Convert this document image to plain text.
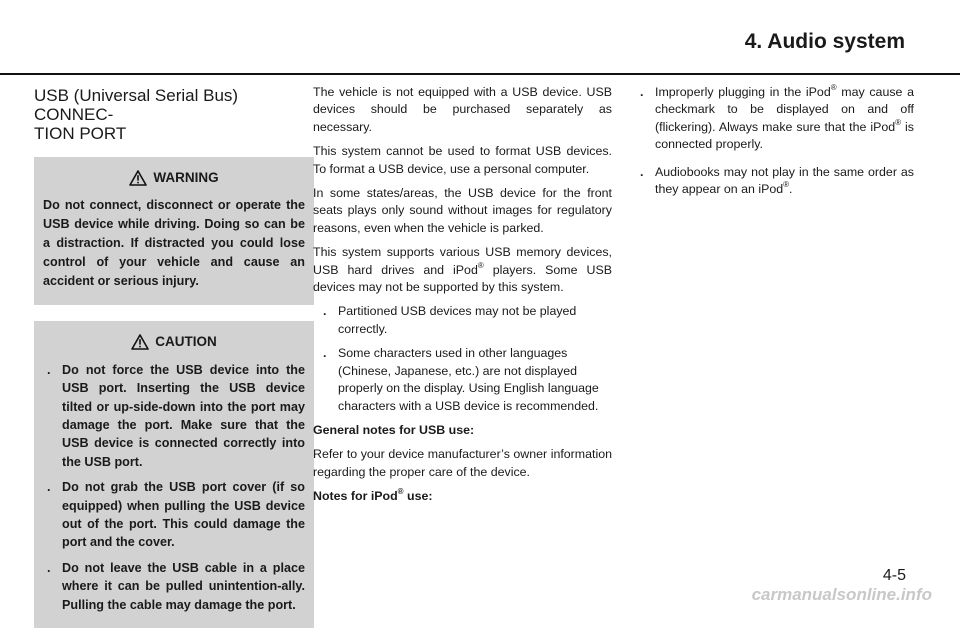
4. Audio system
USB (Universal Serial Bus) CONNEC-
TION PORT
WARNING

Do not connect, disconnect or operate the USB device while driving. Doing so can be a distraction. If distracted you could lose control of your vehicle and cause an accident or serious injury.

CAUTION
. Do not force the USB device into the USB port. Inserting the USB device tilted or up-side-down into the port may damage the port. Make sure that the USB device is connected correctly into the USB port.
. Do not grab the USB port cover (if so equipped) when pulling the USB device out of the port. This could damage the port and the cover.
. Do not leave the USB cable in a place where it can be pulled unintention-ally. Pulling the cable may damage the port.

The vehicle is not equipped with a USB device. USB devices should be purchased separately as necessary.

This system cannot be used to format USB devices. To format a USB device, use a personal computer.

In some states/areas, the USB device for the front seats plays only sound without images for regulatory reasons, even when the vehicle is parked.

This system supports various USB memory devices, USB hard drives and iPod® players. Some USB devices may not be supported by this system.

. Partitioned USB devices may not be played correctly.
. Some characters used in other languages (Chinese, Japanese, etc.) are not displayed properly on the display. Using English language characters with a USB device is recommended.

General notes for USB use:

Refer to your device manufacturer’s owner information regarding the proper care of the device.

Notes for iPod® use:

. Improperly plugging in the iPod® may cause a checkmark to be displayed on and off (flickering). Always make sure that the iPod® is connected properly.
. Audiobooks may not play in the same order as they appear on an iPod®.

4-5

carmanualsonline.info
